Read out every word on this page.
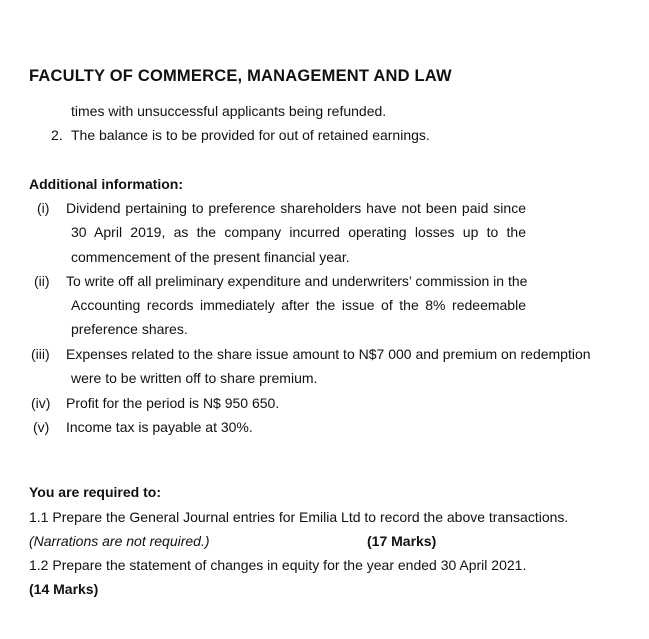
FACULTY OF COMMERCE, MANAGEMENT AND LAW
times with unsuccessful applicants being refunded.
2. The balance is to be provided for out of retained earnings.
Additional information:
(i) Dividend pertaining to preference shareholders have not been paid since
30 April 2019, as the company incurred operating losses up to the
commencement of the present financial year.
(ii) To write off all preliminary expenditure and underwriters’ commission in the
Accounting records immediately after the issue of the 8% redeemable
preference shares.
(iii) Expenses related to the share issue amount to N$7 000 and premium on redemption
were to be written off to share premium.
(iv) Profit for the period is N$ 950 650.
(v) Income tax is payable at 30%.
You are required to:
1.1 Prepare the General Journal entries for Emilia Ltd to record the above transactions.
(Narrations are not required.)	(17 Marks)
1.2 Prepare the statement of changes in equity for the year ended 30 April 2021.
(14 Marks)
